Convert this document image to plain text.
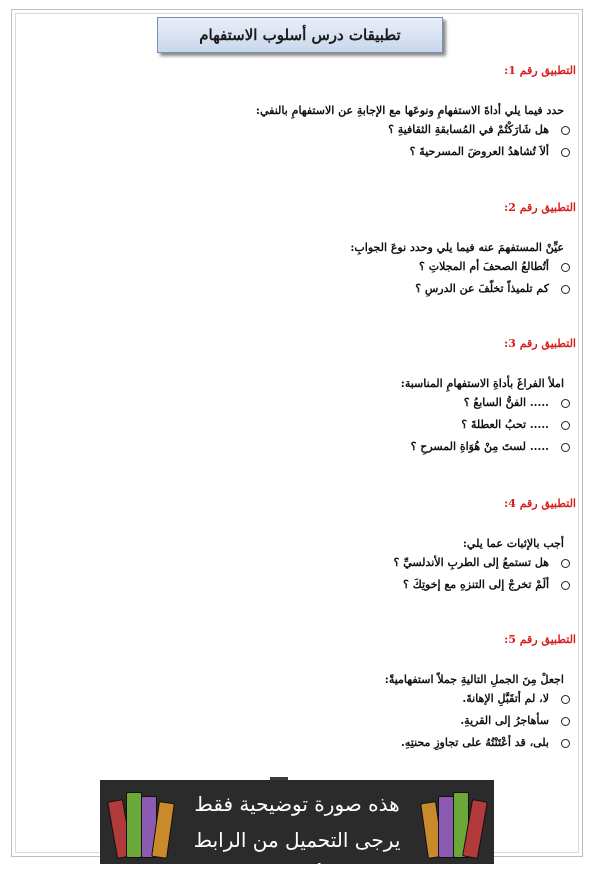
تطبيقات درس أسلوب الاستفهام
التطبيق رقم 1:
حدد فيما يلي أداةَ الاستفهامِ ونوعَها مع الإجابةِ عن الاستفهامِ بالنفي:
هل شَارَكْتُمْ في المُسابقةِ الثقافيةِ ؟
ألاَ تُشاهدُ العروضَ المسرحيةَ ؟
التطبيق رقم 2:
عيِّنْ المستفهمَ عنه فيما يلي وحدد نوعَ الجوابِ:
أتُطالعُ الصحفَ أم المجلاتِ ؟
كم تلميذاً تخلّفَ عن الدرسِ ؟
التطبيق رقم 3:
املأ الفراغَ بأداةِ الاستفهامِ المناسبة:
..... الفنُّ السابعُ ؟
..... تحبُ العطلةَ ؟
..... لستَ مِنْ هُوَاةِ المسرحِ ؟
التطبيق رقم 4:
أجب بالإثبات عما يلي:
هل تستمعُ إلى الطربِ الأندلسيِّ ؟
ألَمْ تخرجْ إلى التنزهِ مع إخوتِكَ ؟
التطبيق رقم 5:
اجعلْ مِنَ الجملِ التاليةِ جملاً استفهاميةً:
لا، لم أتقَبَّلِ الإهانةَ.
سأهاجرُ إلى القريةِ.
بلى، قد أعْتَنْتُهُ على تجاوزِ محنتِهِ.
هذه صورة توضيحية فقط
يرجى التحميل من الرابط أسفله
